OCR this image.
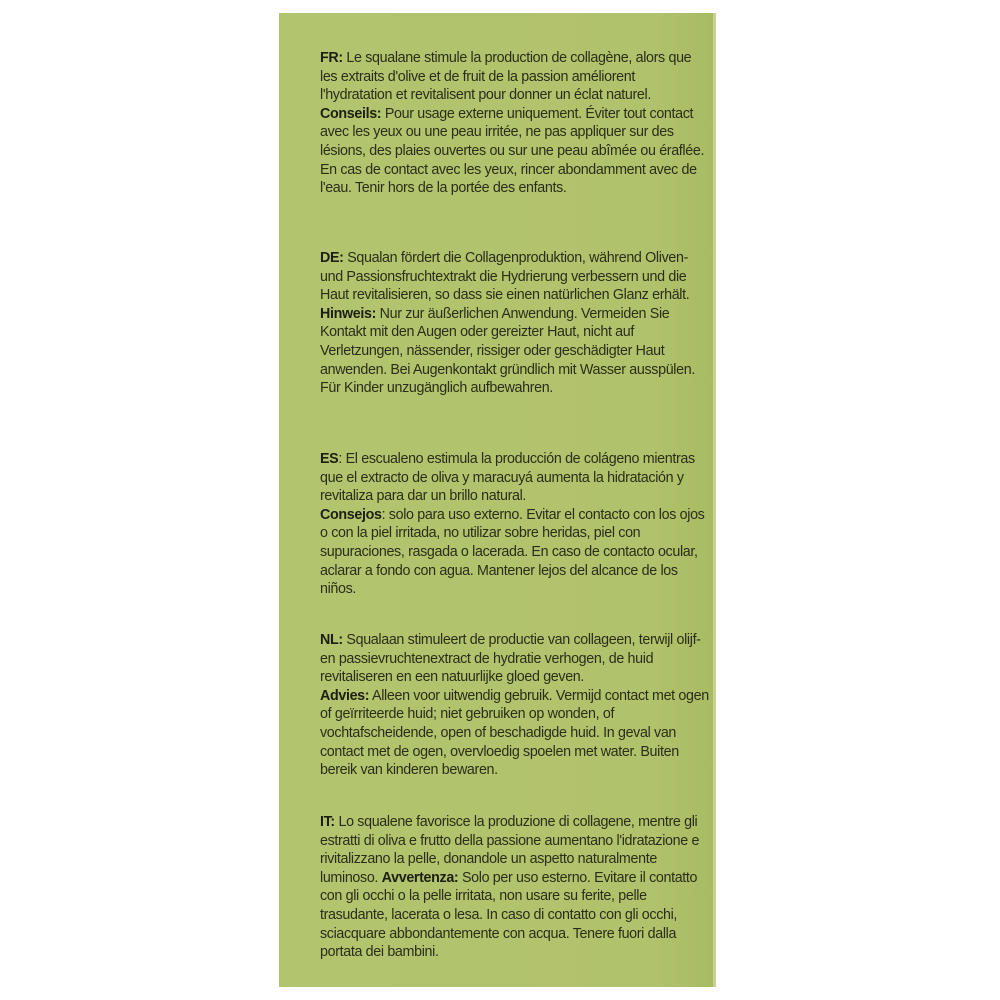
FR: Le squalane stimule la production de collagène, alors que les extraits d'olive et de fruit de la passion améliorent l'hydratation et revitalisent pour donner un éclat naturel.
Conseils: Pour usage externe uniquement. Éviter tout contact avec les yeux ou une peau irritée, ne pas appliquer sur des lésions, des plaies ouvertes ou sur une peau abîmée ou éraflée. En cas de contact avec les yeux, rincer abondamment avec de l'eau. Tenir hors de la portée des enfants.
DE: Squalan fördert die Collagenproduktion, während Oliven- und Passionsfruchtextrakt die Hydrierung verbessern und die Haut revitalisieren, so dass sie einen natürlichen Glanz erhält. Hinweis: Nur zur äußerlichen Anwendung. Vermeiden Sie Kontakt mit den Augen oder gereizter Haut, nicht auf Verletzungen, nässender, rissiger oder geschädigter Haut anwenden. Bei Augenkontakt gründlich mit Wasser ausspülen. Für Kinder unzugänglich aufbewahren.
ES: El escualeno estimula la producción de colágeno mientras que el extracto de oliva y maracuyá aumenta la hidratación y revitaliza para dar un brillo natural.
Consejos: solo para uso externo. Evitar el contacto con los ojos o con la piel irritada, no utilizar sobre heridas, piel con supuraciones, rasgada o lacerada. En caso de contacto ocular, aclarar a fondo con agua. Mantener lejos del alcance de los niños.
NL: Squalaan stimuleert de productie van collageen, terwijl olijf- en passievruchtenextract de hydratie verhogen, de huid revitaliseren en een natuurlijke gloed geven.
Advies: Alleen voor uitwendig gebruik. Vermijd contact met ogen of geïrriteerde huid; niet gebruiken op wonden, of vochtafscheidende, open of beschadigde huid. In geval van contact met de ogen, overvloedig spoelen met water. Buiten bereik van kinderen bewaren.
IT: Lo squalene favorisce la produzione di collagene, mentre gli estratti di oliva e frutto della passione aumentano l'idratazione e rivitalizzano la pelle, donandole un aspetto naturalmente luminoso. Avvertenza: Solo per uso esterno. Evitare il contatto con gli occhi o la pelle irritata, non usare su ferite, pelle trasudante, lacerata o lesa. In caso di contatto con gli occhi, sciacquare abbondantemente con acqua. Tenere fuori dalla portata dei bambini.
